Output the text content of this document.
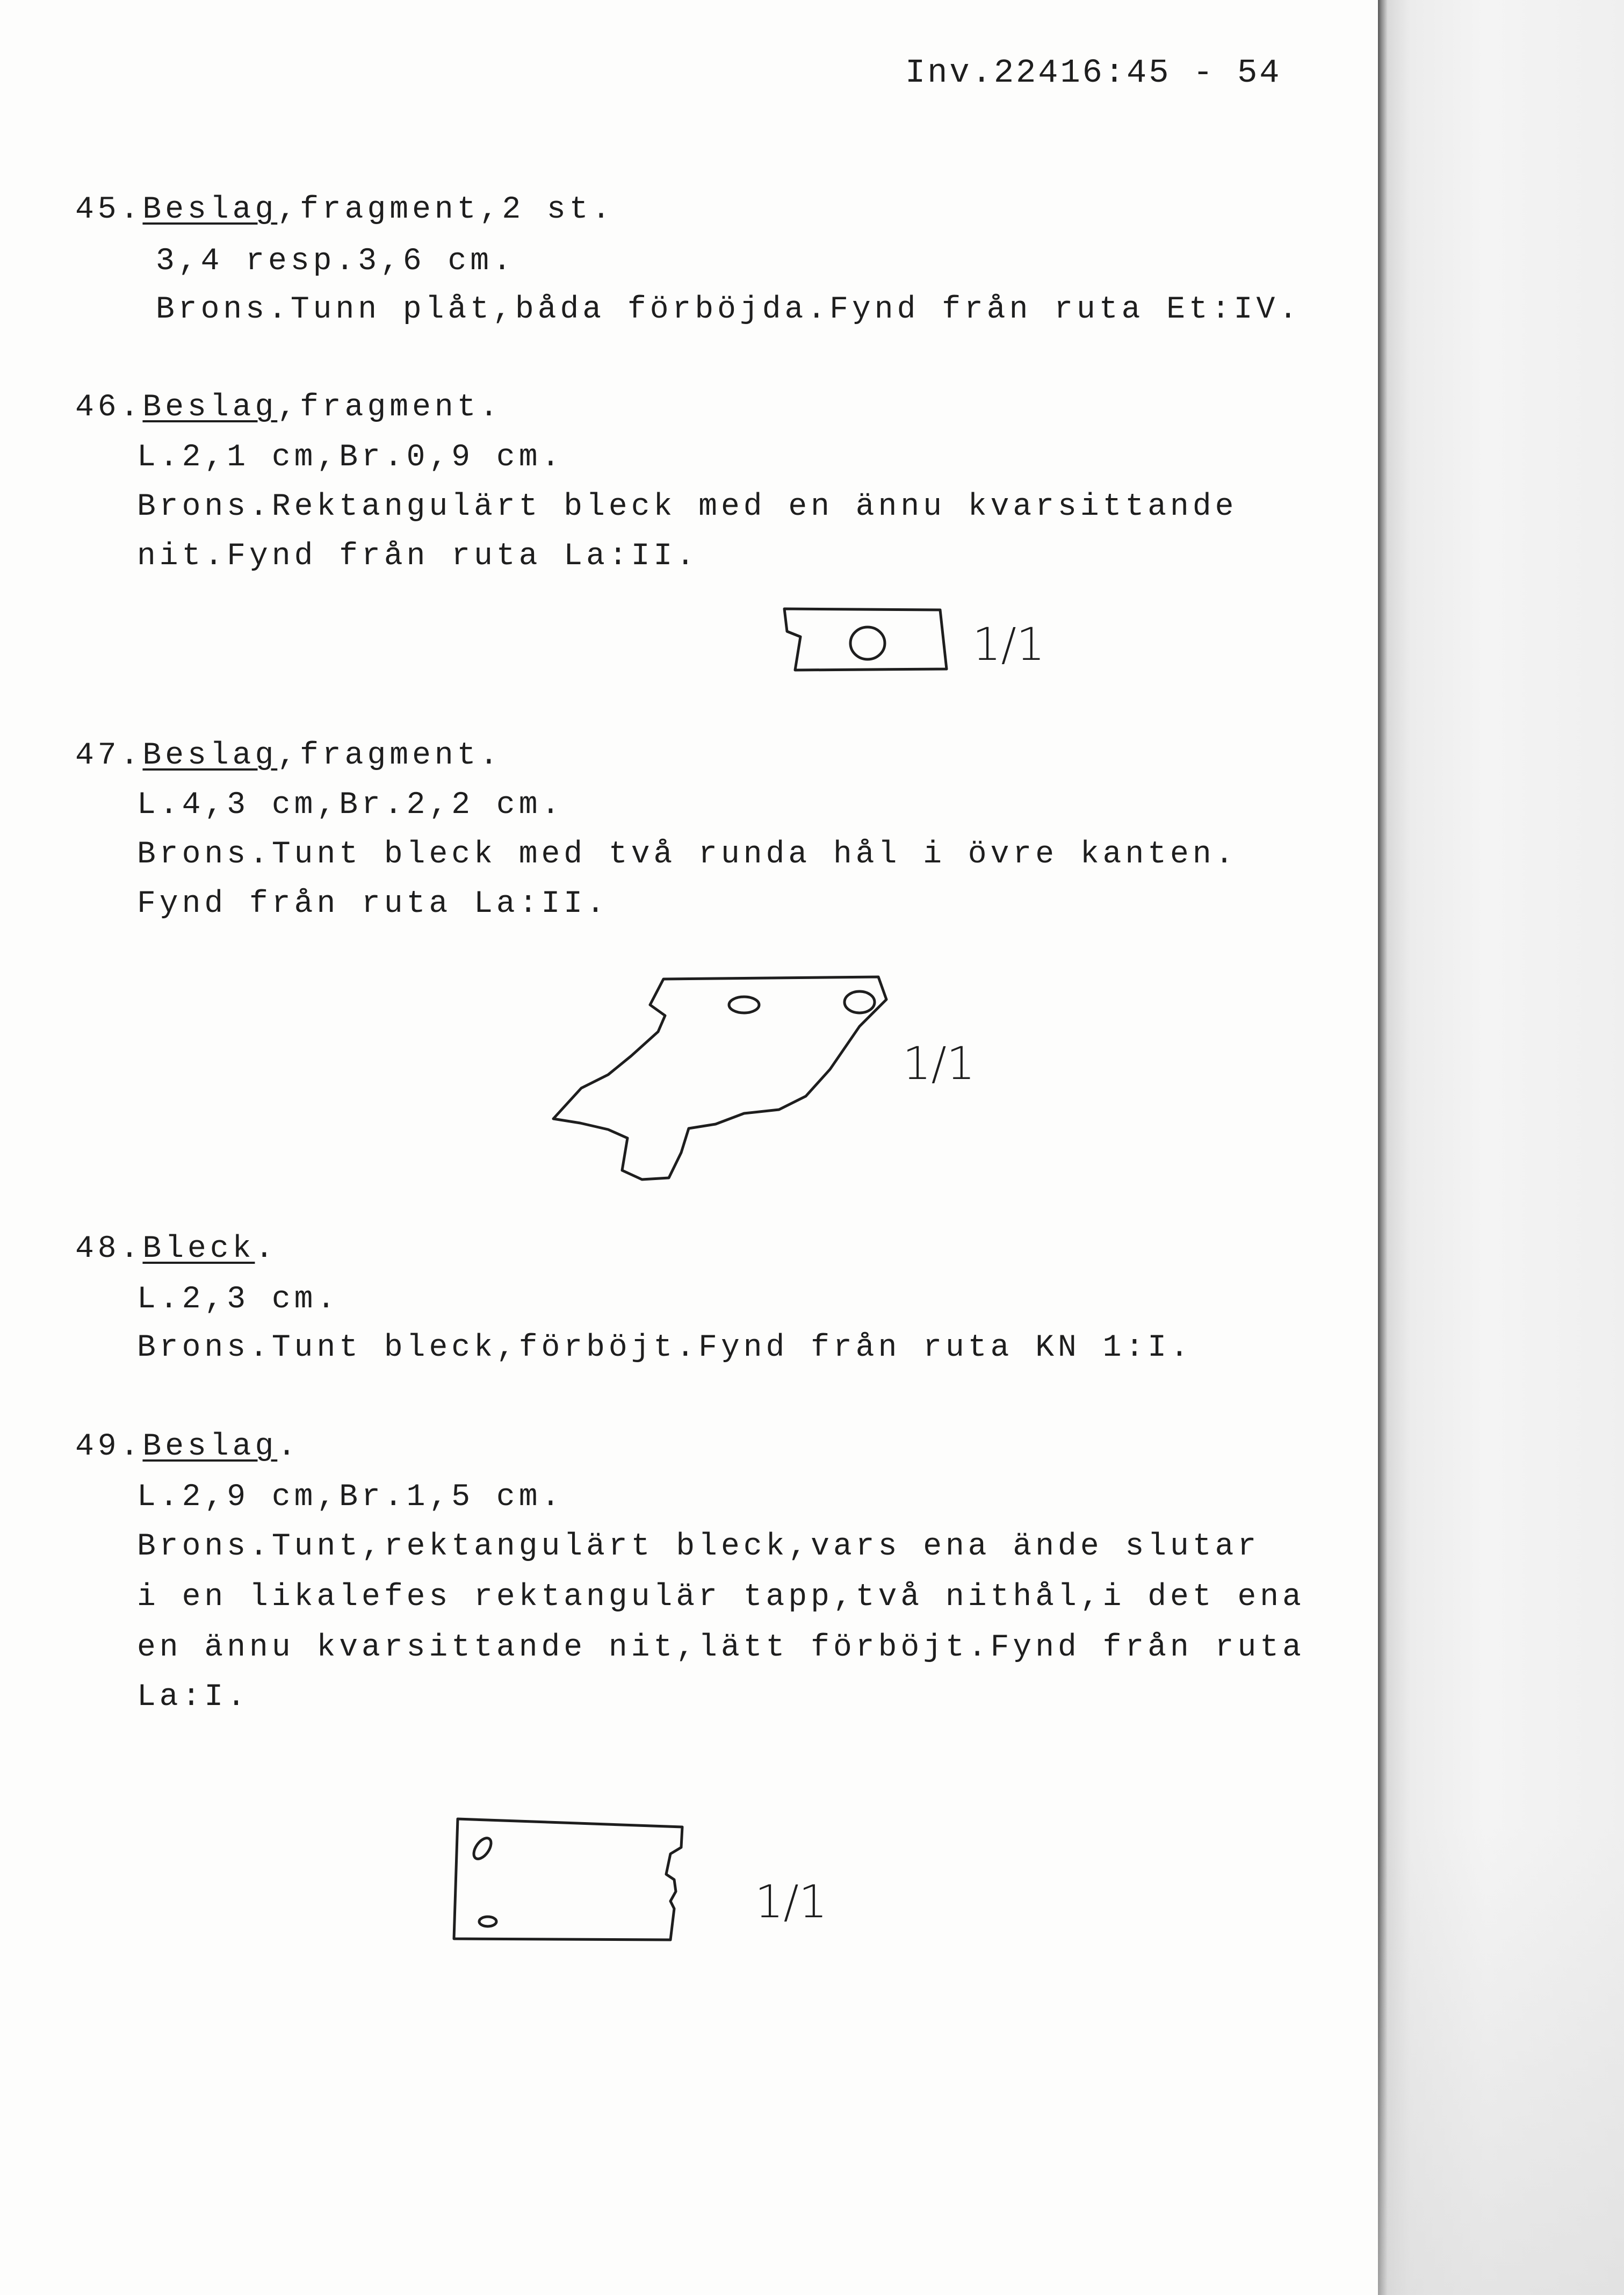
Inv.22416:45 - 54
45.Beslag,fragment,2 st.
3,4 resp.3,6 cm.
Brons.Tunn plåt,båda förböjda.Fynd från ruta Et:IV.
46.Beslag,fragment.
L.2,1 cm,Br.0,9 cm.
Brons.Rektangulärt bleck med en ännu kvarsittande
nit.Fynd från ruta La:II.
1/1
47.Beslag,fragment.
L.4,3 cm,Br.2,2 cm.
Brons.Tunt bleck med två runda hål i övre kanten.
Fynd från ruta La:II.
1/1
48.Bleck.
L.2,3 cm.
Brons.Tunt bleck,förböjt.Fynd från ruta KN 1:I.
49.Beslag.
L.2,9 cm,Br.1,5 cm.
Brons.Tunt,rektangulärt bleck,vars ena ände slutar
i en likalefes rektangulär tapp,två nithål,i det ena
en ännu kvarsittande nit,lätt förböjt.Fynd från ruta
La:I.
1/1
